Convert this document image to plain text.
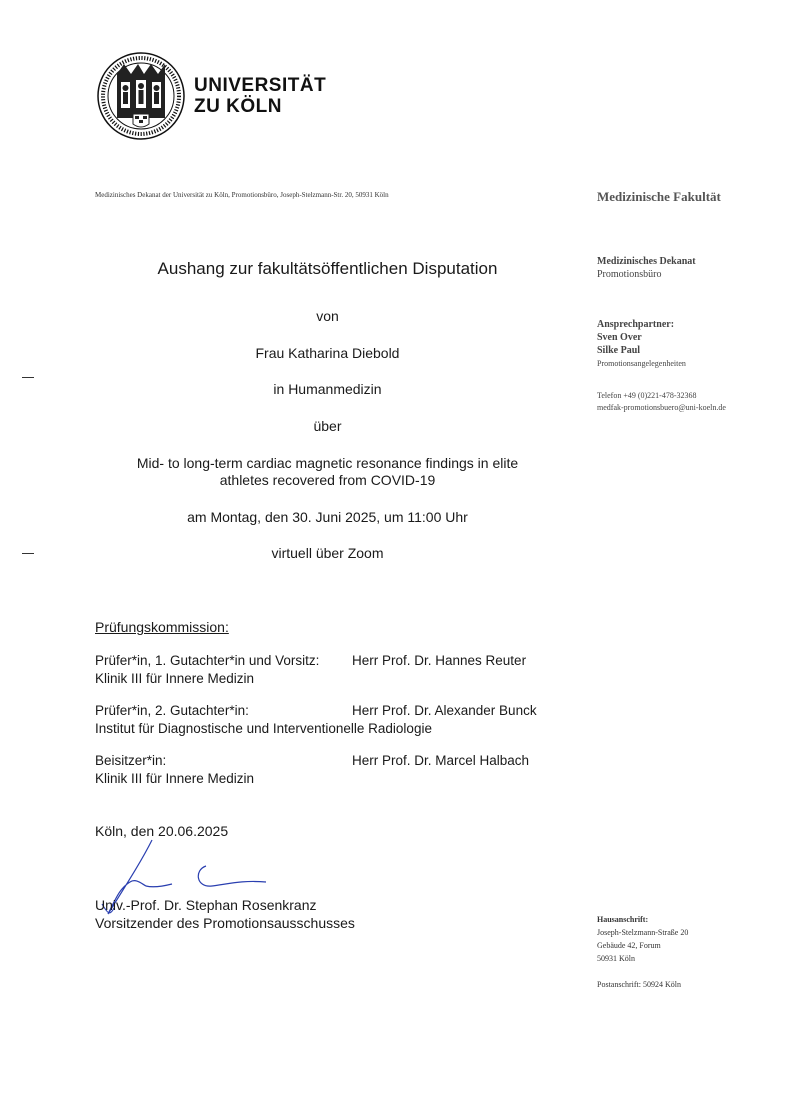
UNIVERSITÄT
ZU KÖLN
Medizinisches Dekanat der Universität zu Köln, Promotionsbüro, Joseph-Stelzmann-Str. 20, 50931 Köln	Medizinische Fakultät
Medizinisches Dekanat
Promotionsbüro
Ansprechpartner:
Sven Over
Silke Paul
Promotionsangelegenheiten
Telefon +49 (0)221-478-32368
medfak-promotionsbuero@uni-koeln.de
Aushang zur fakultätsöffentlichen Disputation
von
Frau Katharina Diebold
in Humanmedizin
über
Mid- to long-term cardiac magnetic resonance findings in elite
athletes recovered from COVID-19
am Montag, den 30. Juni 2025, um 11:00 Uhr
virtuell über Zoom
Prüfungskommission:
Prüfer*in, 1. Gutachter*in und Vorsitz: Herr Prof. Dr. Hannes Reuter
Klinik III für Innere Medizin
Prüfer*in, 2. Gutachter*in:	Herr Prof. Dr. Alexander Bunck
Institut für Diagnostische und Interventionelle Radiologie
Beisitzer*in:	Herr Prof. Dr. Marcel Halbach
Klinik III für Innere Medizin
Köln, den 20.06.2025
Univ.-Prof. Dr. Stephan Rosenkranz
Vorsitzender des Promotionsausschusses	Hausanschrift:
Joseph-Stelzmann-Straße 20
Gebäude 42, Forum
50931 Köln
Postanschrift: 50924 Köln
